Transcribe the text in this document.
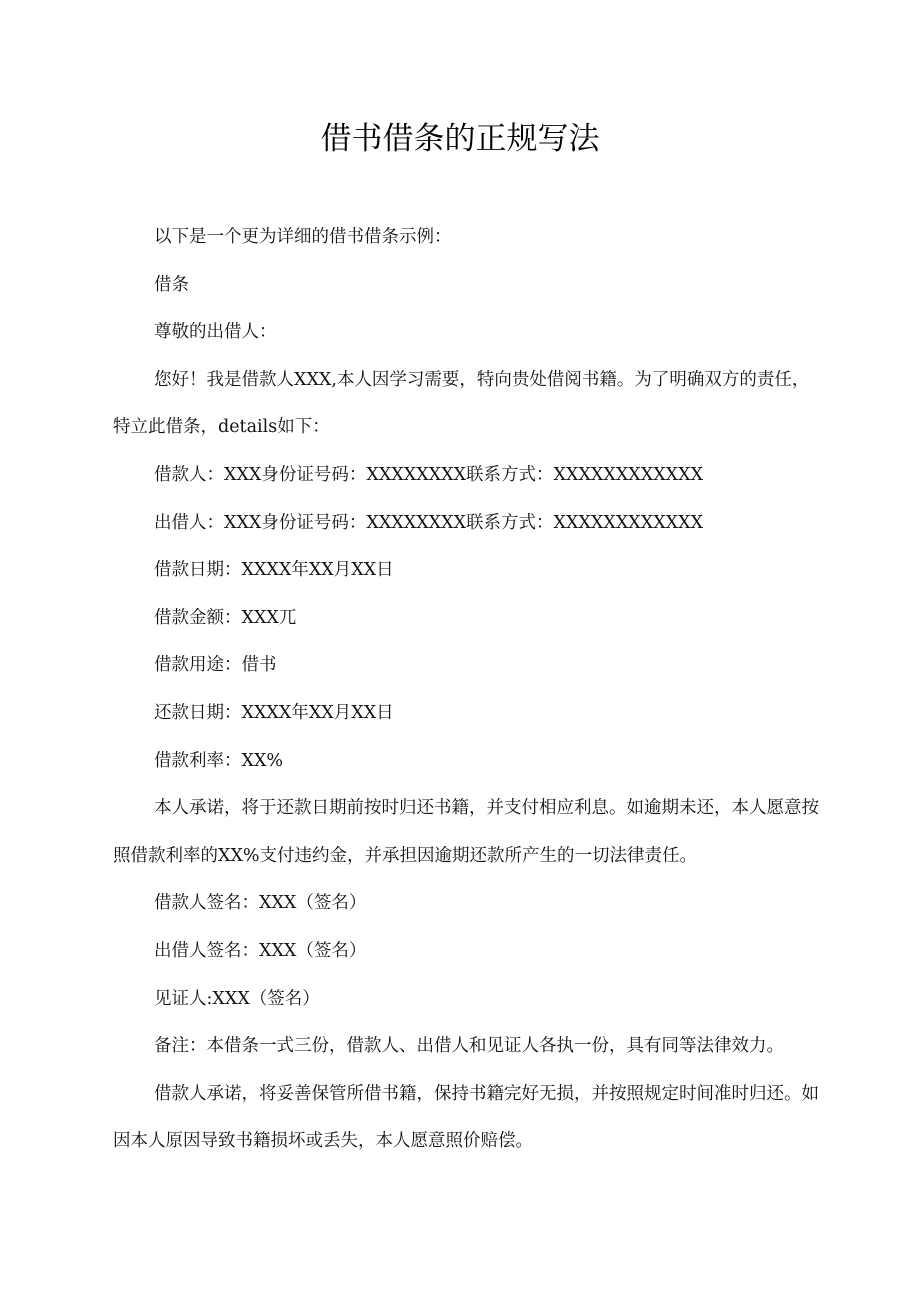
借书借条的正规写法

以下是一个更为详细的借书借条示例：

借条

尊敬的出借人：

您好！我是借款人XXX,本人因学习需要，特向贵处借阅书籍。为了明确双方的责任，特立此借条，details如下：

借款人：XXX身份证号码：XXXXXXXX联系方式：XXXXXXXXXXXX

出借人：XXX身份证号码：XXXXXXXX联系方式：XXXXXXXXXXXX

借款日期：XXXX年XX月XX日

借款金额：XXX兀

借款用途：借书

还款日期：XXXX年XX月XX日

借款利率：XX%

本人承诺，将于还款日期前按时归还书籍，并支付相应利息。如逾期未还，本人愿意按照借款利率的XX%支付违约金，并承担因逾期还款所产生的一切法律责任。

借款人签名：XXX（签名）

出借人签名：XXX（签名）

见证人:XXX（签名）

备注：本借条一式三份，借款人、出借人和见证人各执一份，具有同等法律效力。

借款人承诺，将妥善保管所借书籍，保持书籍完好无损，并按照规定时间准时归还。如因本人原因导致书籍损坏或丢失，本人愿意照价赔偿。
